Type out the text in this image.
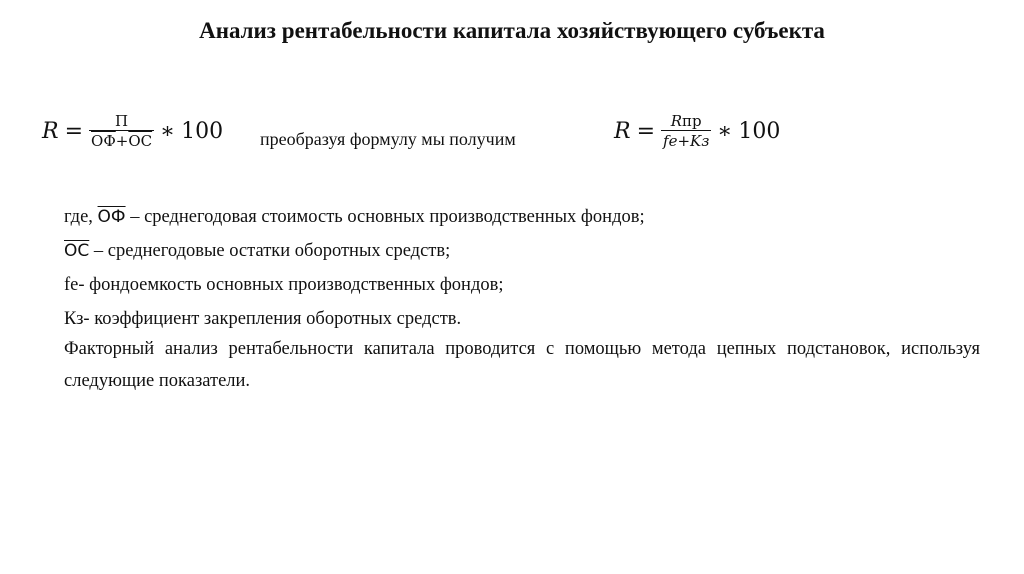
Анализ рентабельности капитала хозяйствующего субъекта
$R = \frac{П}{ОФ+ОС}$ ∗ 100 преобразуя формулу мы получим	$R = \frac{\text{Rпр}}{fe+Kз}$ ∗ 100
где, ОФ – среднегодовая стоимость основных производственных фондов;
ОС – среднегодовые остатки оборотных средств;
fe- фондоемкость основных производственных фондов;
Кз- коэффициент закрепления оборотных средств.
Факторный анализ рентабельности капитала проводится с помощью метода цепных подстановок, используя следующие показатели.
